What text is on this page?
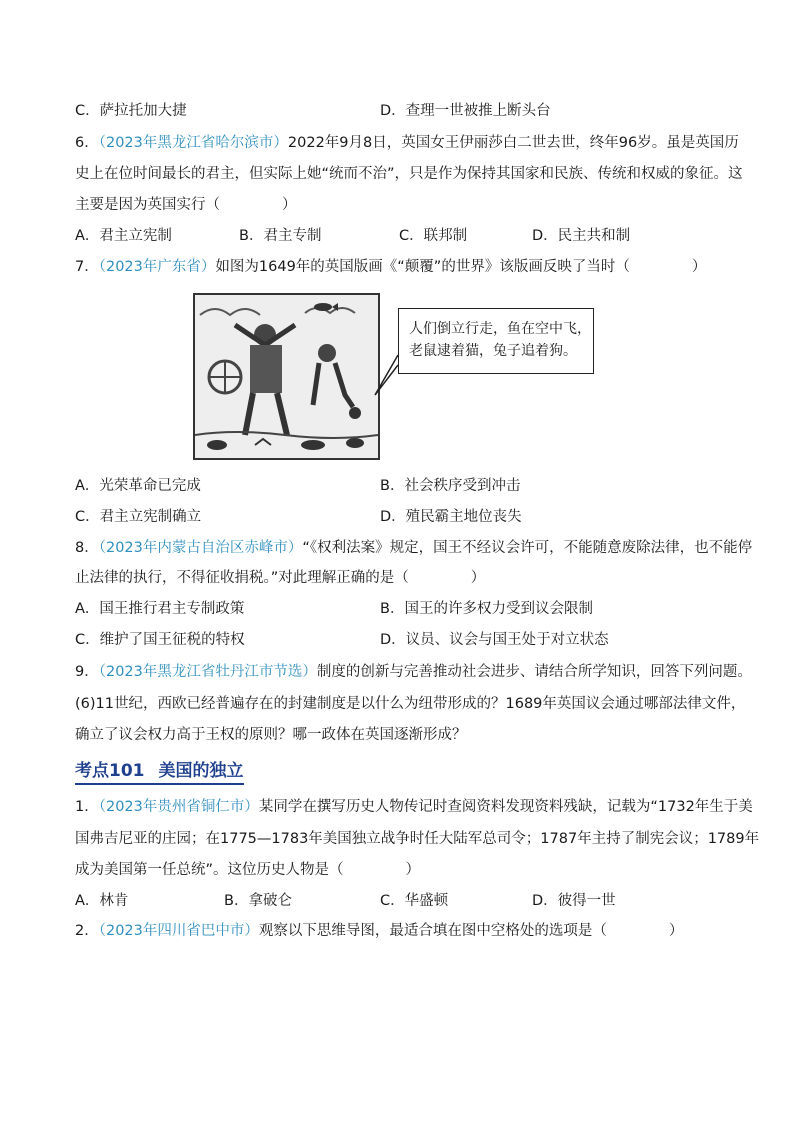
C．萨拉托加大捷	D．查理一世被推上断头台
6．（2023年黑龙江省哈尔滨市）2022年9月8日，英国女王伊丽莎白二世去世，终年96岁。虽是英国历
史上在位时间最长的君主，但实际上她“统而不治”，只是作为保持其国家和民族、传统和权威的象征。这
主要是因为英国实行（	）
A．君主立宪制	B．君主专制	C．联邦制	D．民主共和制
7．（2023年广东省）如图为1649年的英国版画《“颠覆”的世界》该版画反映了当时（	）
人们倒立行走，鱼在空中飞，
老鼠逮着猫，兔子追着狗。
A．光荣革命已完成	B．社会秩序受到冲击
C．君主立宪制确立	D．殖民霸主地位丧失
8．（2023年内蒙古自治区赤峰市）“《权利法案》规定，国王不经议会许可，不能随意废除法律，也不能停
止法律的执行，不得征收捐税。”对此理解正确的是（	）
A．国王推行君主专制政策	B．国王的许多权力受到议会限制
C．维护了国王征税的特权	D．议员、议会与国王处于对立状态
9．（2023年黑龙江省牡丹江市节选）制度的创新与完善推动社会进步、请结合所学知识，回答下列问题。
(6)11世纪，西欧已经普遍存在的封建制度是以什么为纽带形成的？1689年英国议会通过哪部法律文件，
确立了议会权力高于王权的原则？哪一政体在英国逐渐形成？
考点101 美国的独立
1．（2023年贵州省铜仁市）某同学在撰写历史人物传记时查阅资料发现资料残缺，记载为“1732年生于美
国弗吉尼亚的庄园；在1775—1783年美国独立战争时任大陆军总司令；1787年主持了制宪会议；1789年
成为美国第一任总统”。这位历史人物是（	）
A．林肯	B．拿破仑	C．华盛顿	D．彼得一世
2．（2023年四川省巴中市）观察以下思维导图，最适合填在图中空格处的选项是（	）
